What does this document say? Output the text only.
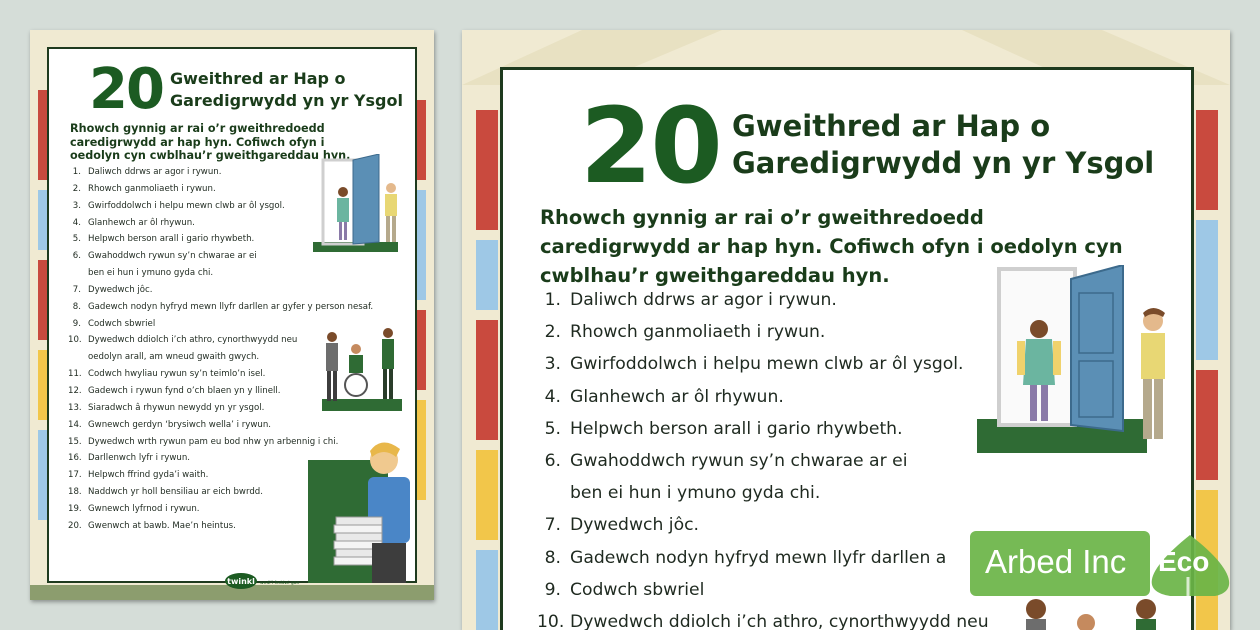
20 Gweithred ar Hap o
Garedigrwydd yn yr Ysgol
Rhowch gynnig ar rai o’r gweithredoedd caredigrwydd ar hap hyn. Cofiwch ofyn i oedolyn cyn cwblhau’r gweithgareddau hyn.
1. Daliwch ddrws ar agor i rywun.
2. Rhowch ganmoliaeth i rywun.
3. Gwirfoddolwch i helpu mewn clwb ar ôl ysgol.
4. Glanhewch ar ôl rhywun.
5. Helpwch berson arall i gario rhywbeth.
6. Gwahoddwch rywun sy’n chwarae ar ei
ben ei hun i ymuno gyda chi.
7. Dywedwch jôc.
8. Gadewch nodyn hyfryd mewn llyfr darllen ar gyfer y person nesaf.
9. Codwch sbwriel
10. Dywedwch ddiolch i’ch athro, cynorthwyydd neu
oedolyn arall, am wneud gwaith gwych.
11. Codwch hwyliau rywun sy’n teimlo’n isel.
12. Gadewch i rywun fynd o’ch blaen yn y llinell.
13. Siaradwch â rhywun newydd yn yr ysgol.
14. Gwnewch gerdyn ‘brysiwch wella’ i rywun.
15. Dywedwch wrth rywun pam eu bod nhw yn arbennig i chi.
16. Darllenwch lyfr i rywun.
17. Helpwch ffrind gyda’i waith.
18. Naddwch yr holl bensiliau ar eich bwrdd.
19. Gwnewch lyfrnod i rywun.
20. Gwenwch at bawb. Mae’n heintus.
twinkl wedi'i feddwl gan
20 Gweithred ar Hap o
Garedigrwydd yn yr Ysgol
Rhowch gynnig ar rai o’r gweithredoedd caredigrwydd ar hap hyn. Cofiwch ofyn i oedolyn cyn cwblhau’r gweithgareddau hyn.
1. Daliwch ddrws ar agor i rywun.
2. Rhowch ganmoliaeth i rywun.
3. Gwirfoddolwch i helpu mewn clwb ar ôl ysgol.
4. Glanhewch ar ôl rhywun.
5. Helpwch berson arall i gario rhywbeth.
6. Gwahoddwch rywun sy’n chwarae ar ei
ben ei hun i ymuno gyda chi.
7. Dywedwch jôc.
8. Gadewch nodyn hyfryd mewn llyfr darllen a
9. Codwch sbwriel
10. Dywedwch ddiolch i’ch athro, cynorthwyydd neu
Arbed Inc Eco
